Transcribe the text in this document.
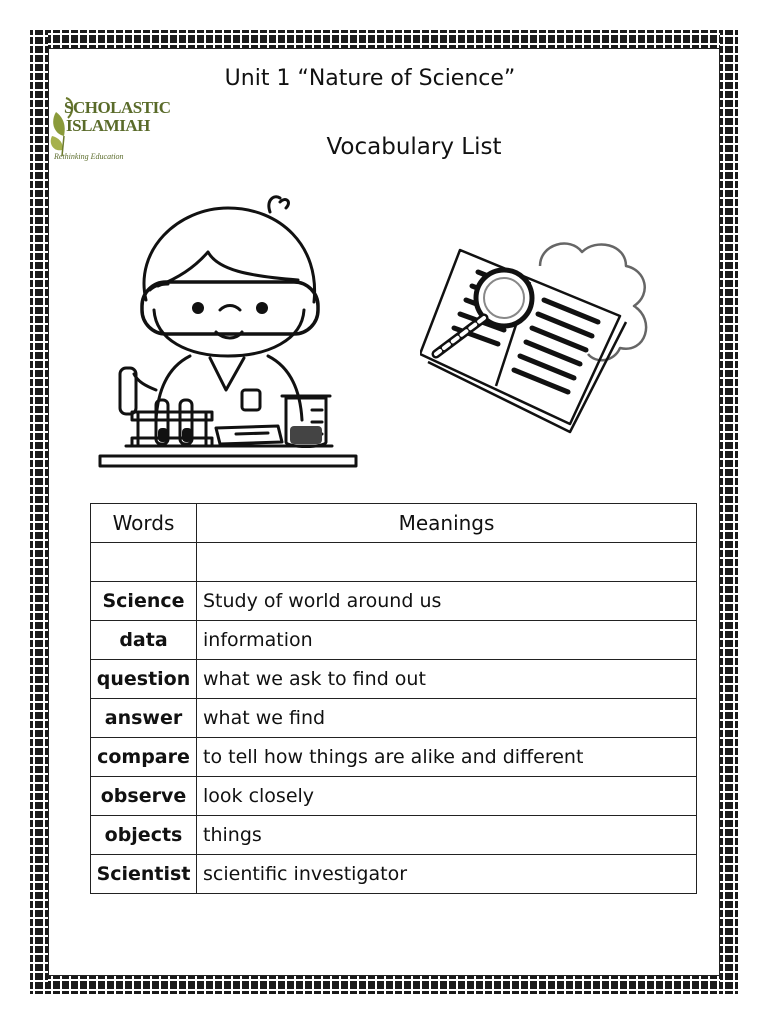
SCHOLASTIC
ISLAMIAH
Rethinking Education
Unit 1 “Nature of Science”
Vocabulary List
Words	Meanings

Science	Study of world around us
data	information
question	what we ask to find out
answer	what we find
compare	to tell how things are alike and different
observe	look closely
objects	things
Scientist	scientific investigator
